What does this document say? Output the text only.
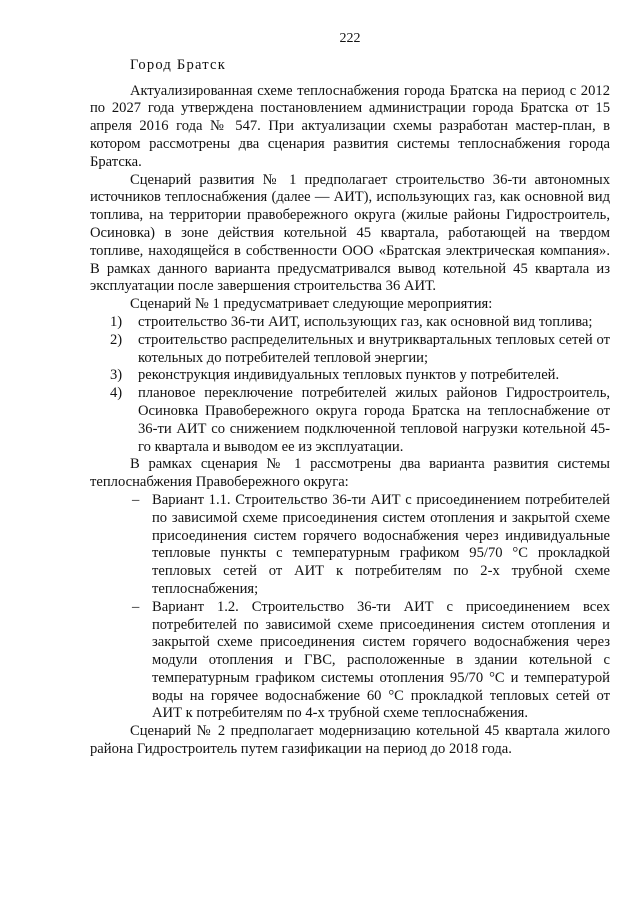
222
Город Братск

Актуализированная схеме теплоснабжения города Братска на период с 2012 по 2027 года утверждена постановлением администрации города Братска от 15 апреля 2016 года № 547. При актуализации схемы разработан мастер-план, в котором рассмотрены два сценария развития системы теплоснабжения города Братска.

Сценарий развития № 1 предполагает строительство 36-ти автономных источников теплоснабжения (далее — АИТ), использующих газ, как основной вид топлива, на территории правобережного округа (жилые районы Гидростроитель, Осиновка) в зоне действия котельной 45 квартала, работающей на твердом топливе, находящейся в собственности ООО «Братская электрическая компания». В рамках данного варианта предусматривался вывод котельной 45 квартала из эксплуатации после завершения строительства 36 АИТ.

Сценарий № 1 предусматривает следующие мероприятия:

1)	строительство 36-ти АИТ, использующих газ, как основной вид топлива;
2)	строительство распределительных и внутриквартальных тепловых сетей от котельных до потребителей тепловой энергии;
3)	реконструкция индивидуальных тепловых пунктов у потребителей.
4)	плановое переключение потребителей жилых районов Гидростроитель, Осиновка Правобережного округа города Братска на теплоснабжение от 36-ти АИТ со снижением подключенной тепловой нагрузки котельной 45-го квартала и выводом ее из эксплуатации.

В рамках сценария № 1 рассмотрены два варианта развития системы теплоснабжения Правобережного округа:

– Вариант 1.1. Строительство 36-ти АИТ с присоединением потребителей по зависимой схеме присоединения систем отопления и закрытой схеме присоединения систем горячего водоснабжения через индивидуальные тепловые пункты с температурным графиком 95/70 °С прокладкой тепловых сетей от АИТ к потребителям по 2-х трубной схеме теплоснабжения;
– Вариант 1.2. Строительство 36-ти АИТ с присоединением всех потребителей по зависимой схеме присоединения систем отопления и закрытой схеме присоединения систем горячего водоснабжения через модули отопления и ГВС, расположенные в здании котельной с температурным графиком системы отопления 95/70 °С и температурой воды на горячее водоснабжение 60 °С прокладкой тепловых сетей от АИТ к потребителям по 4-х трубной схеме теплоснабжения.

Сценарий № 2 предполагает модернизацию котельной 45 квартала жилого района Гидростроитель путем газификации на период до 2018 года.
